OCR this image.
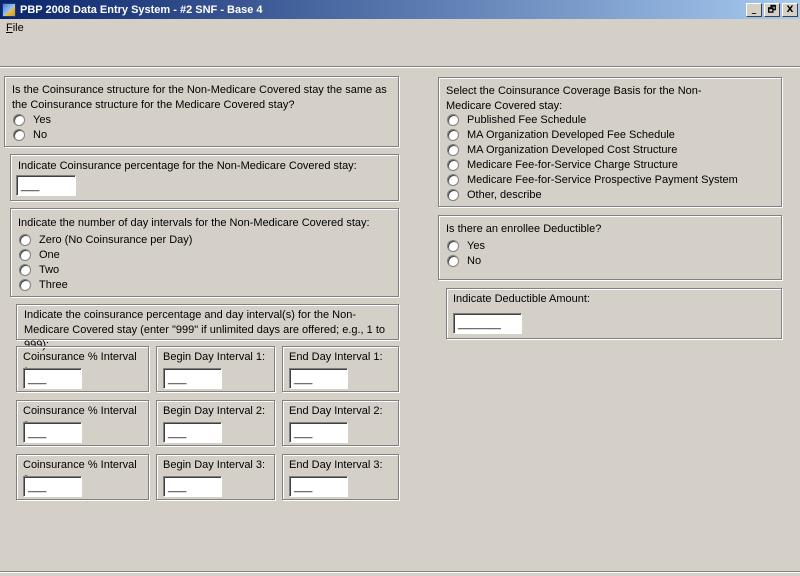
PBP 2008 Data Entry System - #2 SNF - Base 4	_	🗗	X
File
Is the Coinsurance structure for the Non-Medicare Covered stay the same as the Coinsurance structure for the Medicare Covered stay?
Yes
No
Indicate Coinsurance percentage for the Non-Medicare Covered stay:
___
Indicate the number of day intervals for the Non-Medicare Covered stay:
Zero (No Coinsurance per Day)
One
Two
Three
Indicate the coinsurance percentage and day interval(s) for the Non-Medicare Covered stay (enter "999" if unlimited days are offered; e.g., 1 to 999):
Coinsurance % Interval
___
Begin Day Interval 1:
___
End Day Interval 1:
___
Coinsurance % Interval
___
Begin Day Interval 2:
___
End Day Interval 2:
___
Coinsurance % Interval
___
Begin Day Interval 3:
___
End Day Interval 3:
___
Select the Coinsurance Coverage Basis for the Non-Medicare Covered stay:
Published Fee Schedule
MA Organization Developed Fee Schedule
MA Organization Developed Cost Structure
Medicare Fee-for-Service Charge Structure
Medicare Fee-for-Service Prospective Payment System
Other, describe
Is there an enrollee Deductible?
Yes
No
Indicate Deductible Amount:
_______
